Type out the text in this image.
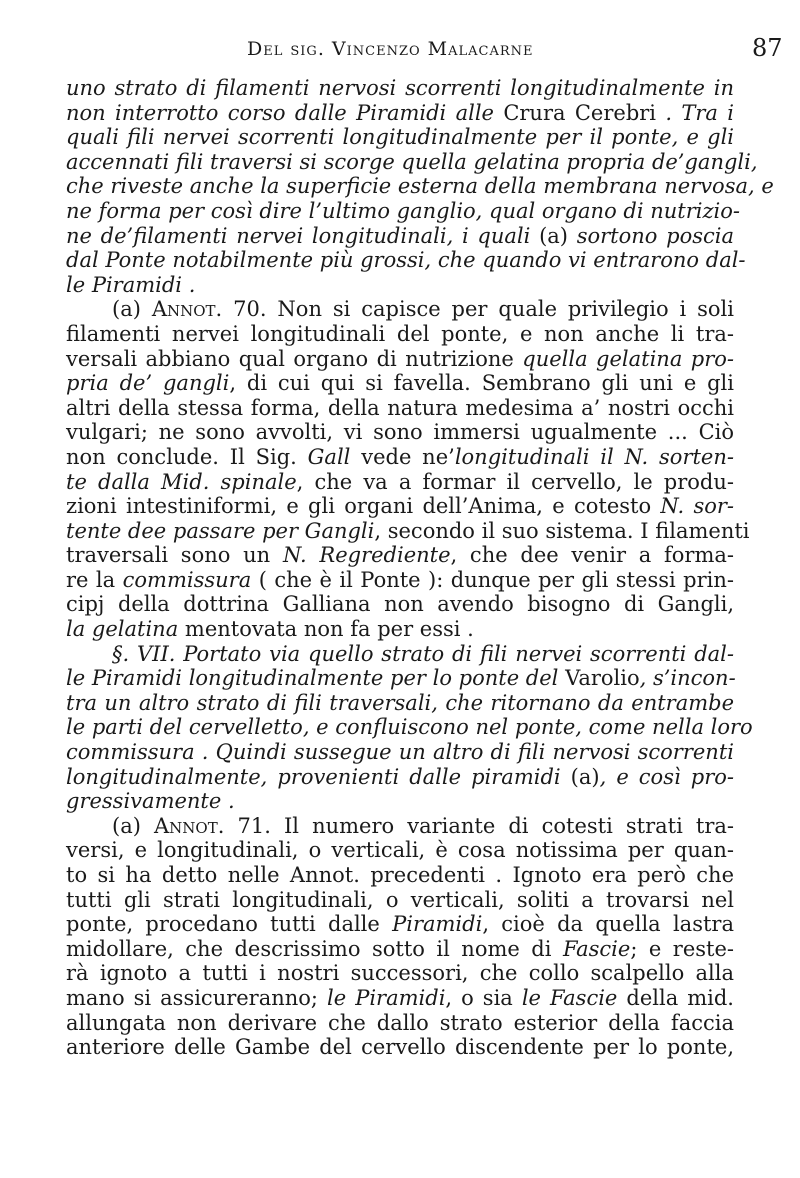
Del sig. Vincenzo Malacarne	87
uno strato di filamenti nervosi scorrenti longitudinalmente in
non interrotto corso dalle Piramidi alle Crura Cerebri . Tra i
quali fili nervei scorrenti longitudinalmente per il ponte, e gli
accennati fili traversi si scorge quella gelatina propria de’gangli,
che riveste anche la superficie esterna della membrana nervosa, e
ne forma per così dire l’ultimo ganglio, qual organo di nutrizio-
ne de’filamenti nervei longitudinali, i quali (a) sortono poscia
dal Ponte notabilmente più grossi, che quando vi entrarono dal-
le Piramidi .
(a) Annot. 70. Non si capisce per quale privilegio i soli
filamenti nervei longitudinali del ponte, e non anche li tra-
versali abbiano qual organo di nutrizione quella gelatina pro-
pria de’ gangli, di cui qui si favella. Sembrano gli uni e gli
altri della stessa forma, della natura medesima a’ nostri occhi
vulgari; ne sono avvolti, vi sono immersi ugualmente ... Ciò
non conclude. Il Sig. Gall vede ne’longitudinali il N. sorten-
te dalla Mid. spinale, che va a formar il cervello, le produ-
zioni intestiniformi, e gli organi dell’Anima, e cotesto N. sor-
tente dee passare per Gangli, secondo il suo sistema. I filamenti
traversali sono un N. Regrediente, che dee venir a forma-
re la commissura ( che è il Ponte ): dunque per gli stessi prin-
cipj della dottrina Galliana non avendo bisogno di Gangli,
la gelatina mentovata non fa per essi .
§. VII. Portato via quello strato di fili nervei scorrenti dal-
le Piramidi longitudinalmente per lo ponte del Varolio, s’incon-
tra un altro strato di fili traversali, che ritornano da entrambe
le parti del cervelletto, e confluiscono nel ponte, come nella loro
commissura . Quindi sussegue un altro di fili nervosi scorrenti
longitudinalmente, provenienti dalle piramidi (a), e così pro-
gressivamente .
(a) Annot. 71. Il numero variante di cotesti strati tra-
versi, e longitudinali, o verticali, è cosa notissima per quan-
to si ha detto nelle Annot. precedenti . Ignoto era però che
tutti gli strati longitudinali, o verticali, soliti a trovarsi nel
ponte, procedano tutti dalle Piramidi, cioè da quella lastra
midollare, che descrissimo sotto il nome di Fascie; e reste-
rà ignoto a tutti i nostri successori, che collo scalpello alla
mano si assicureranno; le Piramidi, o sia le Fascie della mid.
allungata non derivare che dallo strato esterior della faccia
anteriore delle Gambe del cervello discendente per lo ponte,
